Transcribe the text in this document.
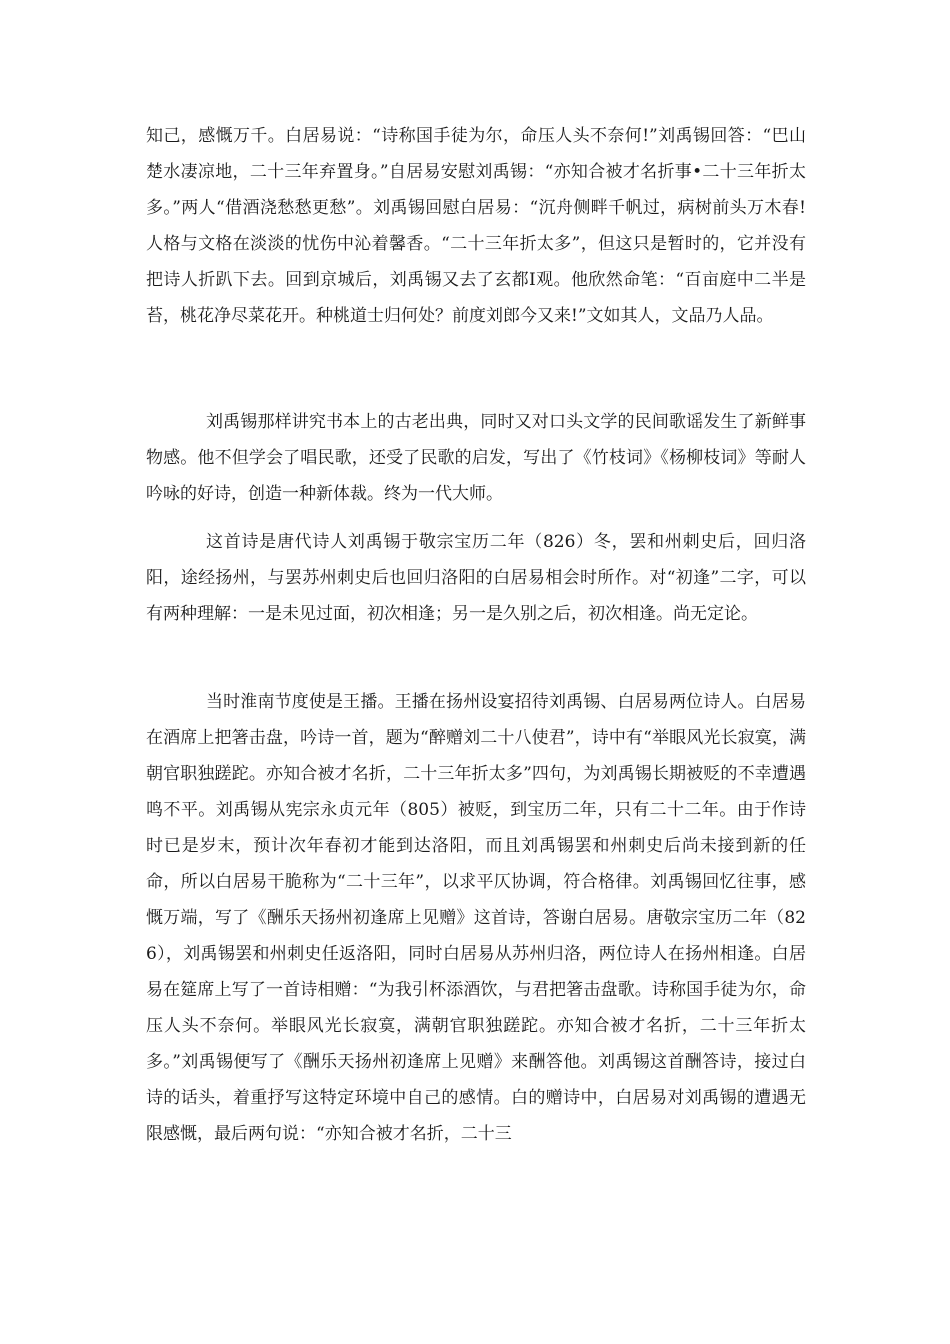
知己，感慨万千。白居易说：“诗称国手徒为尔，命压人头不奈何!”刘禹锡回答：“巴山楚水凄凉地，二十三年弃置身。”自居易安慰刘禹锡：“亦知合被才名折事•二十三年折太多。”两人“借酒浇愁愁更愁”。刘禹锡回慰白居易：“沉舟侧畔千帆过，病树前头万木春!人格与文格在淡淡的忧伤中沁着馨香。“二十三年折太多”，但这只是暂时的，它并没有把诗人折趴下去。回到京城后，刘禹锡又去了玄都I观。他欣然命笔：“百亩庭中二半是苔，桃花净尽菜花开。种桃道士归何处？前度刘郎今又来!”文如其人，文品乃人品。

刘禹锡那样讲究书本上的古老出典，同时又对口头文学的民间歌谣发生了新鲜事物感。他不但学会了唱民歌，还受了民歌的启发，写出了《竹枝词》《杨柳枝词》等耐人吟咏的好诗，创造一种新体裁。终为一代大师。

这首诗是唐代诗人刘禹锡于敬宗宝历二年（826）冬，罢和州刺史后，回归洛阳，途经扬州，与罢苏州刺史后也回归洛阳的白居易相会时所作。对“初逢”二字，可以有两种理解：一是未见过面，初次相逢；另一是久别之后，初次相逢。尚无定论。

当时淮南节度使是王播。王播在扬州设宴招待刘禹锡、白居易两位诗人。白居易在酒席上把箸击盘，吟诗一首，题为“醉赠刘二十八使君”，诗中有“举眼风光长寂寞，满朝官职独蹉跎。亦知合被才名折，二十三年折太多”四句，为刘禹锡长期被贬的不幸遭遇鸣不平。刘禹锡从宪宗永贞元年（805）被贬，到宝历二年，只有二十二年。由于作诗时已是岁末，预计次年春初才能到达洛阳，而且刘禹锡罢和州刺史后尚未接到新的任命，所以白居易干脆称为“二十三年”，以求平仄协调，符合格律。刘禹锡回忆往事，感慨万端，写了《酬乐天扬州初逢席上见赠》这首诗，答谢白居易。唐敬宗宝历二年（826），刘禹锡罢和州刺史任返洛阳，同时白居易从苏州归洛，两位诗人在扬州相逢。白居易在筵席上写了一首诗相赠：“为我引杯添酒饮，与君把箸击盘歌。诗称国手徒为尔，命压人头不奈何。举眼风光长寂寞，满朝官职独蹉跎。亦知合被才名折，二十三年折太多。”刘禹锡便写了《酬乐天扬州初逢席上见赠》来酬答他。刘禹锡这首酬答诗，接过白诗的话头，着重抒写这特定环境中自己的感情。白的赠诗中，白居易对刘禹锡的遭遇无限感慨，最后两句说：“亦知合被才名折，二十三
